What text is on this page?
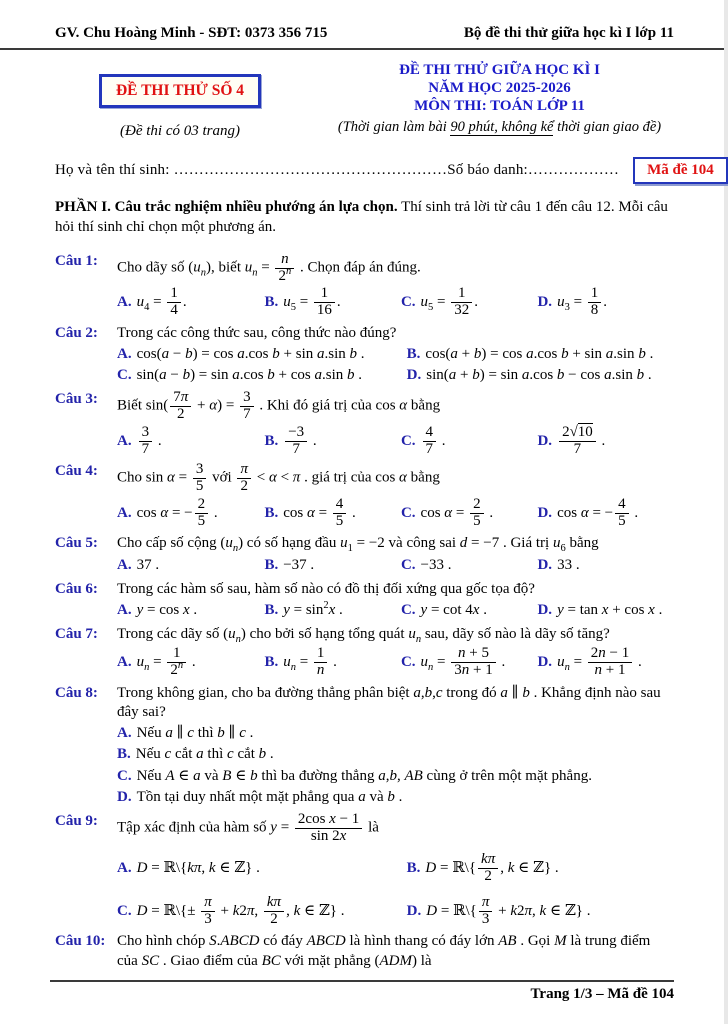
GV. Chu Hoàng Minh - SĐT: 0373 356 715	Bộ đề thi thử giữa học kì I lớp 11
ĐỀ THI THỬ SỐ 4
(Đề thi có 03 trang)
ĐỀ THI THỬ GIỮA HỌC KÌ I
NĂM HỌC 2025-2026
MÔN THI: TOÁN LỚP 11
(Thời gian làm bài 90 phút, không kể thời gian giao đề)
Họ và tên thí sinh: ………………………………………………Số báo danh:………………	Mã đề 104

PHẦN I. Câu trắc nghiệm nhiều phướng án lựa chọn. Thí sinh trả lời từ câu 1 đến câu 12. Mỗi câu hỏi thí sinh chỉ chọn một phương án.

Câu 1:	Cho dãy số $(u_n)$, biết $u_n = \frac{n}{2^n}$ . Chọn đáp án đúng.
A. $u_4 = \frac{1}{4}$ .	B. $u_5 = \frac{1}{16}$ .	C. $u_5 = \frac{1}{32}$ .	D. $u_3 = \frac{1}{8}$ .
Câu 2:	Trong các công thức sau, công thức nào đúng?
A. cos(a − b) = cos a.cos b + sin a.sin b .	B. cos(a + b) = cos a.cos b + sin a.sin b .
C. sin(a − b) = sin a.cos b + cos a.sin b .	D. sin(a + b) = sin a.cos b − cos a.sin b .
Câu 3:	Biết $\sin( \frac{7\pi}{2} + \alpha) = \frac{3}{7}$ . Khi đó giá trị của cos α bằng
A. $\frac{3}{7}$ .	B. $\frac{-3}{7}$ .	C. $\frac{4}{7}$ .	D. $\frac{2√10}{7}$ .
Câu 4:	Cho $\sin \alpha = \frac{3}{5}$ với $\frac{\pi}{2} < \alpha < \pi$ . giá trị của cos α bằng
A. cos α = − $\frac{2}{5}$ .	B. $\cos \alpha = \frac{4}{5}$ .	C. $\cos \alpha = \frac{2}{5}$ .	D. cos α = − $\frac{4}{5}$ .
Câu 5:	Cho cấp số cộng $(u_n)$ có số hạng đầu $u_1 = -2$ và công sai d = −7 . Giá trị $u_6$ bằng
A. 37 .	B. −37 .	C. −33 .	D. 33 .
Câu 6:	Trong các hàm số sau, hàm số nào có đồ thị đối xứng qua gốc tọa độ?
A. y = cos x .	B. $y = \sin^2x$ .	C. y = cot 4x .	D. y = tan x + cos x .
Câu 7:	Trong các dãy số $(u_n)$ cho bởi số hạng tổng quát $u_n$ sau, dãy số nào là dãy số tăng?
A. $u_n = \frac{1}{2^n}$ .	B. $u_n = \frac{1}{n}$ .	C. $u_n = \frac{n + 5}{3n + 1}$ .	D. $u_n = \frac{2n - 1}{n + 1}$ .
Câu 8:	Trong không gian, cho ba đường thẳng phân biệt a,b,c trong đó a ∥ b . Khẳng định nào sau đây sai?
A. Nếu a ∥ c thì b ∥ c .
B. Nếu c cắt a thì c cắt b .
C. Nếu A ∈ a và B ∈ b thì ba đường thẳng a,b, AB cùng ở trên một mặt phẳng.
D. Tồn tại duy nhất một mặt phẳng qua a và b .
Câu 9:	Tập xác định của hàm số $y = \frac{\text{2cos x − 1}}{\sin 2x}$ là
A. D = ℝ\{kπ, k ∈ ℤ} .	B. D = ℝ\{ $\frac{k\pi}{2}$ , k ∈ ℤ} .
C. D = ℝ\{± $\frac{\pi}{3} + k2\pi$, $\frac{k\pi}{2}$ , k ∈ ℤ} .	D. D = ℝ\{ $\frac{\pi}{3} + k2\pi$, k ∈ ℤ} .
Câu 10: Cho hình chóp S.ABCD có đáy ABCD là hình thang có đáy lớn AB . Gọi M là trung điểm của SC . Giao điểm của BC với mặt phẳng (ADM) là
Trang 1/3 – Mã đề 104
